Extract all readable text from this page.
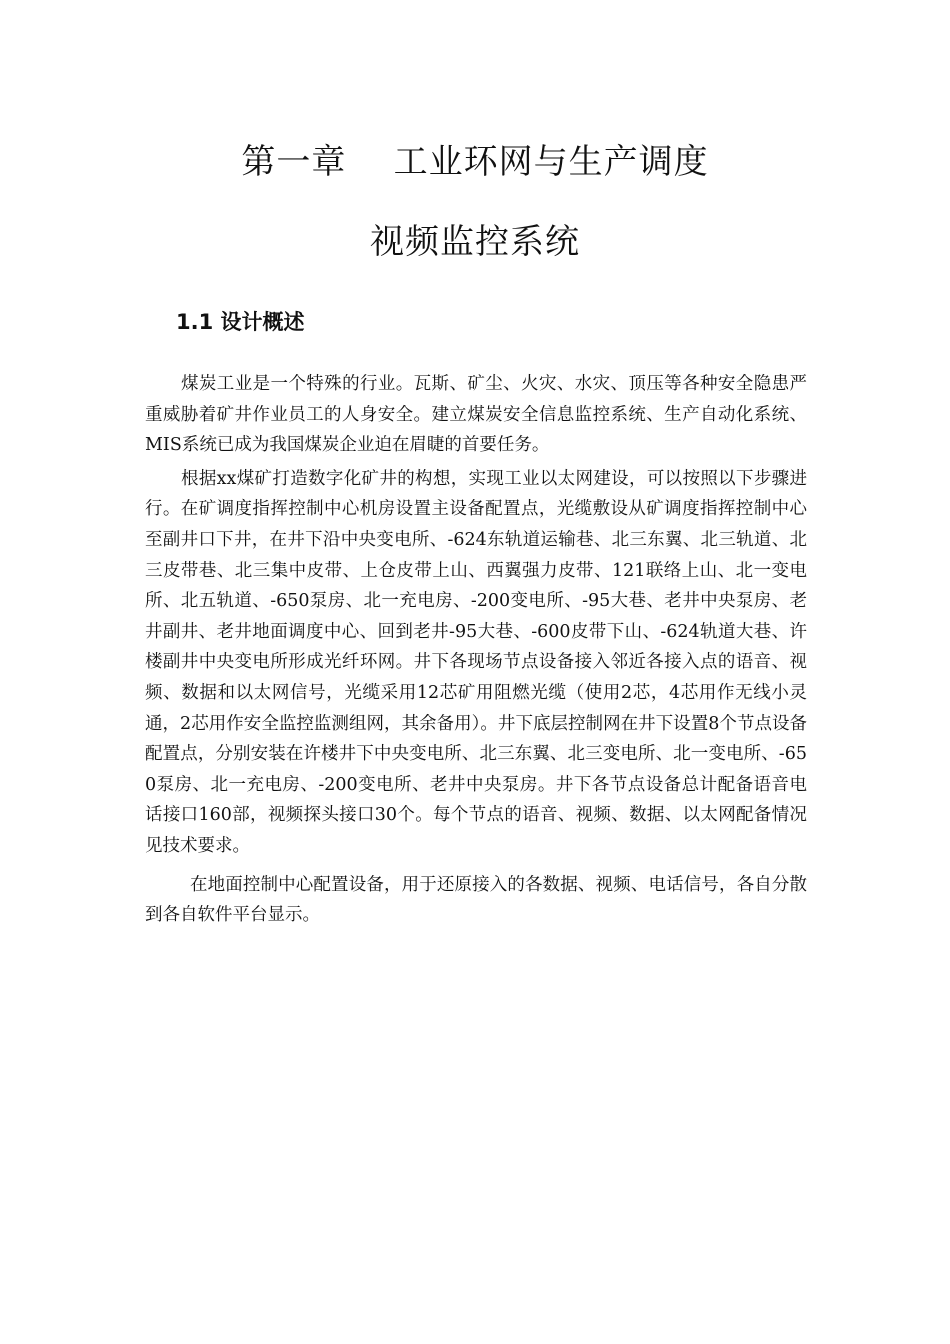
第一章    工业环网与生产调度
视频监控系统
1.1 设计概述

煤炭工业是一个特殊的行业。瓦斯、矿尘、火灾、水灾、顶压等各种安全隐患严重威胁着矿井作业员工的人身安全。建立煤炭安全信息监控系统、生产自动化系统、MIS系统已成为我国煤炭企业迫在眉睫的首要任务。

根据xx煤矿打造数字化矿井的构想，实现工业以太网建设，可以按照以下步骤进行。在矿调度指挥控制中心机房设置主设备配置点，光缆敷设从矿调度指挥控制中心至副井口下井，在井下沿中央变电所、-624东轨道运输巷、北三东翼、北三轨道、北三皮带巷、北三集中皮带、上仓皮带上山、西翼强力皮带、121联络上山、北一变电所、北五轨道、-650泵房、北一充电房、-200变电所、-95大巷、老井中央泵房、老井副井、老井地面调度中心、回到老井-95大巷、-600皮带下山、-624轨道大巷、许楼副井中央变电所形成光纤环网。井下各现场节点设备接入邻近各接入点的语音、视频、数据和以太网信号，光缆采用12芯矿用阻燃光缆（使用2芯，4芯用作无线小灵通，2芯用作安全监控监测组网，其余备用）。井下底层控制网在井下设置8个节点设备配置点，分别安装在许楼井下中央变电所、北三东翼、北三变电所、北一变电所、-650泵房、北一充电房、-200变电所、老井中央泵房。井下各节点设备总计配备语音电话接口160部，视频探头接口30个。每个节点的语音、视频、数据、以太网配备情况见技术要求。

在地面控制中心配置设备，用于还原接入的各数据、视频、电话信号，各自分散到各自软件平台显示。
